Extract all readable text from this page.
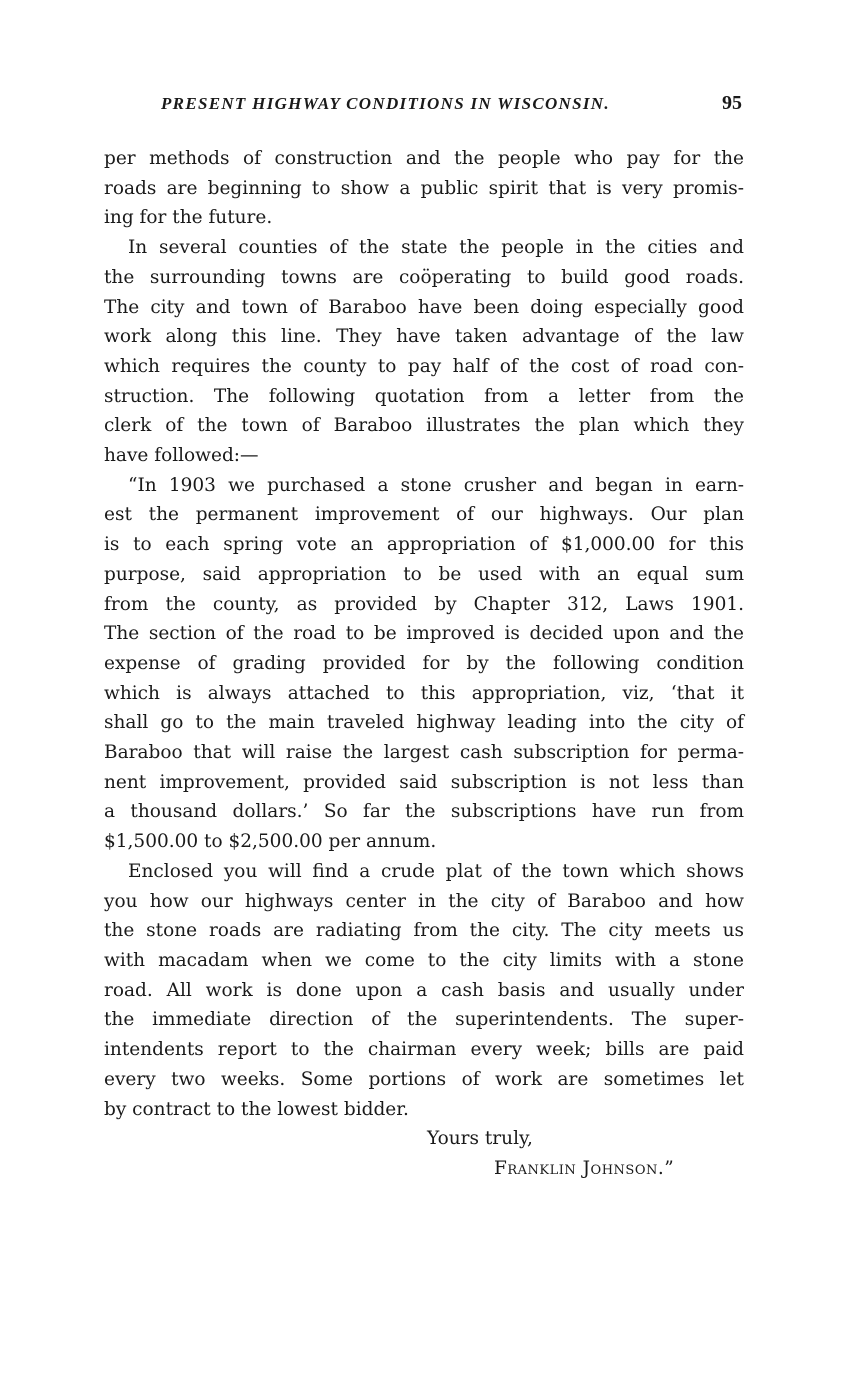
PRESENT HIGHWAY CONDITIONS IN WISCONSIN.	95
per methods of construction and the people who pay for the
roads are beginning to show a public spirit that is very promis-
ing for the future.
In several counties of the state the people in the cities and
the surrounding towns are coöperating to build good roads.
The city and town of Baraboo have been doing especially good
work along this line. They have taken advantage of the law
which requires the county to pay half of the cost of road con-
struction. The following quotation from a letter from the
clerk of the town of Baraboo illustrates the plan which they
have followed:—
“In 1903 we purchased a stone crusher and began in earn-
est the permanent improvement of our highways. Our plan
is to each spring vote an appropriation of $1,000.00 for this
purpose, said appropriation to be used with an equal sum
from the county, as provided by Chapter 312, Laws 1901.
The section of the road to be improved is decided upon and the
expense of grading provided for by the following condition
which is always attached to this appropriation, viz, ‘that it
shall go to the main traveled highway leading into the city of
Baraboo that will raise the largest cash subscription for perma-
nent improvement, provided said subscription is not less than
a thousand dollars.’ So far the subscriptions have run from
$1,500.00 to $2,500.00 per annum.
Enclosed you will find a crude plat of the town which shows
you how our highways center in the city of Baraboo and how
the stone roads are radiating from the city. The city meets us
with macadam when we come to the city limits with a stone
road. All work is done upon a cash basis and usually under
the immediate direction of the superintendents. The super-
intendents report to the chairman every week; bills are paid
every two weeks. Some portions of work are sometimes let
by contract to the lowest bidder.
Yours truly,
Franklin Johnson.”
